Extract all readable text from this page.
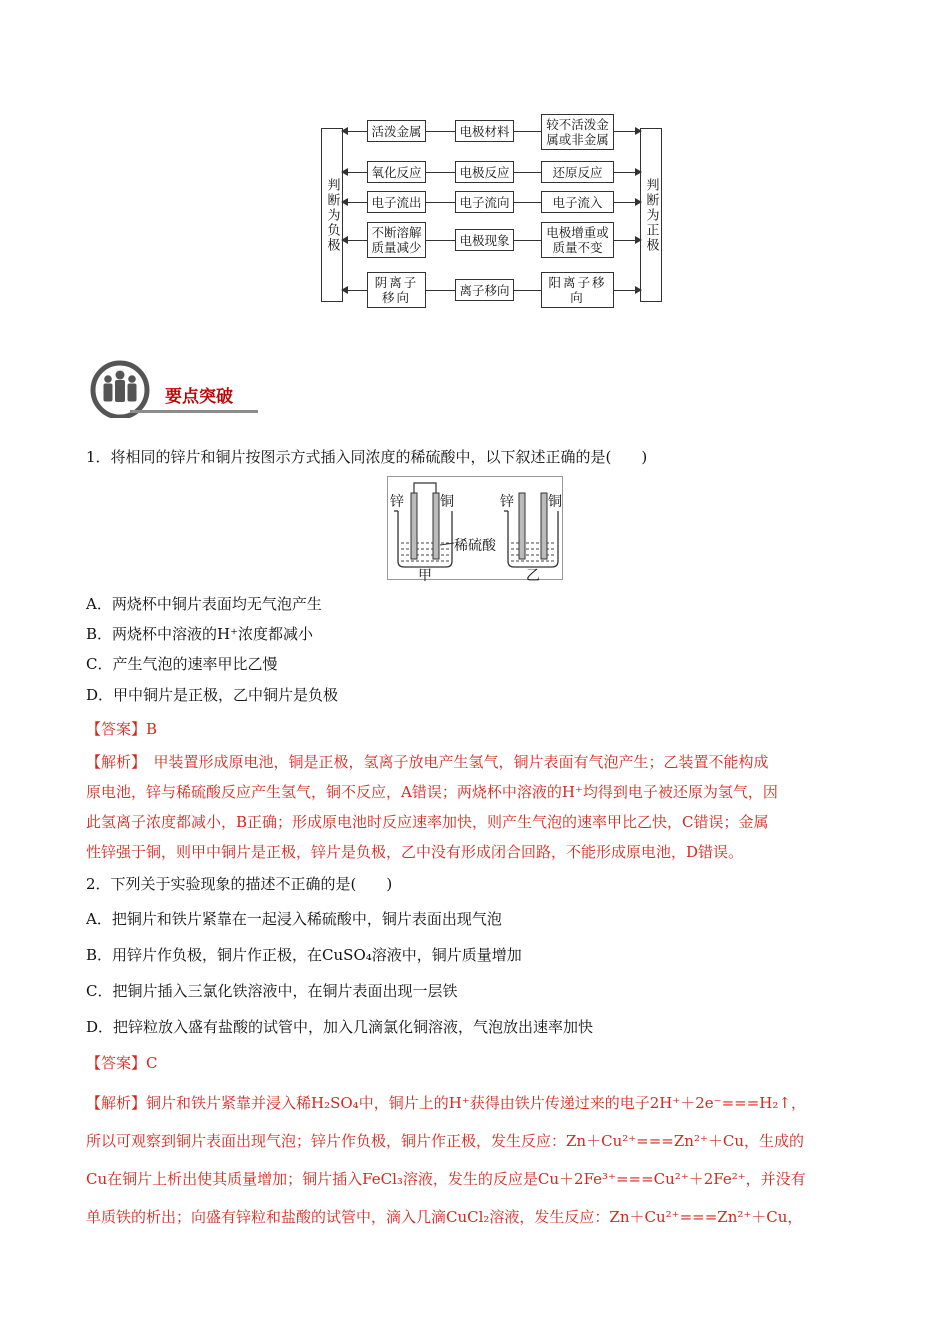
判断为负极	判断为正极
活泼金属	电极材料	较不活泼金属或非金属
氧化反应	电极反应	还原反应
电子流出	电子流向	电子流入
不断溶解质量减少	电极现象	电极增重或质量不变
阴离子移向	离子移向	阳离子移向
要点突破
1．将相同的锌片和铜片按图示方式插入同浓度的稀硫酸中，以下叙述正确的是(　　)
锌	铜	锌 铜
稀硫酸
甲	乙
A．两烧杯中铜片表面均无气泡产生
B．两烧杯中溶液的H⁺浓度都减小
C．产生气泡的速率甲比乙慢
D．甲中铜片是正极，乙中铜片是负极
【答案】B
【解析】　甲装置形成原电池，铜是正极，氢离子放电产生氢气，铜片表面有气泡产生；乙装置不能构成
原电池，锌与稀硫酸反应产生氢气，铜不反应，A错误；两烧杯中溶液的H⁺均得到电子被还原为氢气，因
此氢离子浓度都减小，B正确；形成原电池时反应速率加快，则产生气泡的速率甲比乙快，C错误；金属
性锌强于铜，则甲中铜片是正极，锌片是负极，乙中没有形成闭合回路，不能形成原电池，D错误。
2．下列关于实验现象的描述不正确的是(　　)
A．把铜片和铁片紧靠在一起浸入稀硫酸中，铜片表面出现气泡
B．用锌片作负极，铜片作正极，在CuSO₄溶液中，铜片质量增加
C．把铜片插入三氯化铁溶液中，在铜片表面出现一层铁
D．把锌粒放入盛有盐酸的试管中，加入几滴氯化铜溶液，气泡放出速率加快
【答案】C
【解析】铜片和铁片紧靠并浸入稀H₂SO₄中，铜片上的H⁺获得由铁片传递过来的电子2H⁺＋2e⁻===H₂↑，
所以可观察到铜片表面出现气泡；锌片作负极，铜片作正极，发生反应：Zn＋Cu²⁺===Zn²⁺＋Cu，生成的
Cu在铜片上析出使其质量增加；铜片插入FeCl₃溶液，发生的反应是Cu＋2Fe³⁺===Cu²⁺＋2Fe²⁺，并没有
单质铁的析出；向盛有锌粒和盐酸的试管中，滴入几滴CuCl₂溶液，发生反应：Zn＋Cu²⁺===Zn²⁺＋Cu，
